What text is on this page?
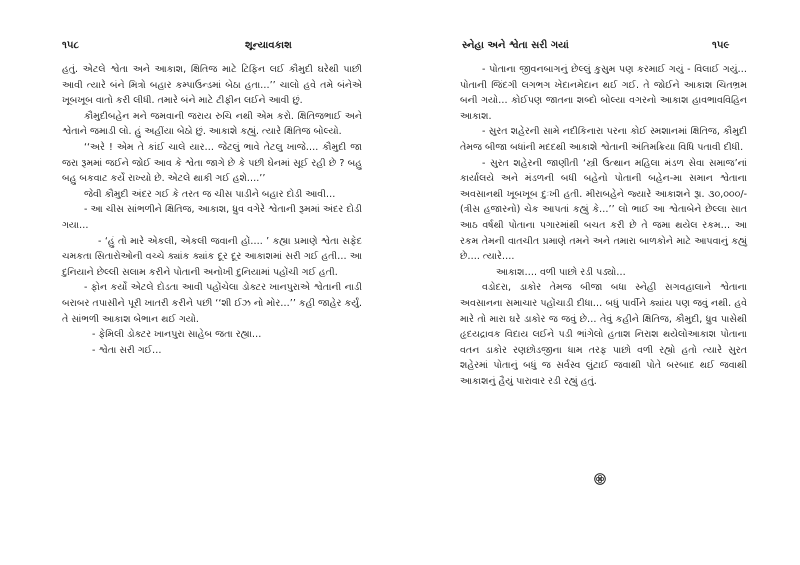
૧૫૮	શૂન્યાવકાશ

હતું. એટલે શ્વેતા અને આકાશ, ક્ષિતિજ માટે ટિફિન લઈ કૌમુદી ઘરેથી પાછી આવી ત્યારે બંને મિત્રો બહાર કમ્પાઉન્ડમાં બેઠા હતા…’’ ચાલો હવે તમે બંનેએ ખૂબખૂબ વાતો કરી લીધી. તમારે બંને માટે ટીફીન લઈને આવી છું.

કૌમુદીબહેન મને જમવાની જરાય રુચિ નથી એમ કરો. ક્ષિતિજભાઈ અને શ્વેતાને જમાડી લો. હું અહીંયા બેઠો છું. આકાશે કહ્યું. ત્યારે ક્ષિતિજ બોલ્યો.

‘‘અરે ! એમ તે કાંઈ ચાલે યાર… જેટલું ભાવે તેટલુ ખાજે…. કૌમુદી જા જરા રૂમમાં જઈને જોઈ આવ કે શ્વેતા જાગે છે કે પછી ઘેનમાં સૂઈ રહી છે ? બહુ બહુ બકવાટ કર્યે રાખ્યો છે. એટલે થાકી ગઈ હશે….’’

જેવી કૌમુદી અંદર ગઈ કે તરત જ ચીસ પાડીને બહાર દોડી આવી…

- આ ચીસ સાંભળીને ક્ષિતિજ, આકાશ, ધ્રુવ વગેરે શ્વેતાની રૂમમાં અંદર દોડી ગયા…

- ‘હું તો મારે એકલી, એકલી જવાની હોં…. ’ કહ્યા પ્રમાણે શ્વેતા સફેદ ચમકતા સિતારોઓની વચ્ચે ક્યાંક ક્યાંક દૂર દૂર આકાશમાં સરી ગઈ હતી… આ દુનિયાને છેલ્લી સલામ કરીને પોતાની અનોખી દુનિયામાં પહોંચી ગઈ હતી.

- ફોન કર્યો એટલે દોડતા આવી પહોંચેલા ડોક્ટર ખાનપુરાએ શ્વેતાની નાડી બરાબર તપાસીને પૂરી ખાતરી કરીને પછી ‘‘શી ઈઝ નો મોર…’’ કહી જાહેર કર્યું. તે સાંભળી આકાશ બેભાન થઈ ગયો.

- ફેમિલી ડોક્ટર ખાનપુરા સાહેબ જતા રહ્યા…

- શ્વેતા સરી ગઈ…

સ્નેહા અને શ્વેતા સરી ગયાં	૧૫૯

- પોતાના જીવનબાગનું છેલ્લું કુસુમ પણ કરમાઈ ગયું - વિલાઈ ગયું… પોતાની જિંદગી લગભગ ખેદાનમેદાન થઈ ગઈ. તે જોઈને આકાશ ચિતભ્રમ બની ગયો… કોઈપણ જાતના શબ્દો બોલ્યા વગરનો આકાશ હાવભાવવિહિન આકાશ.

- સુરત શહેરની સામે નદીકિનારા પરના કોઈ સ્મશાનમાં ક્ષિતિજ, કૌમુદી તેમજ બીજા બધાંની મદદથી આકાશે શ્વેતાની અંતિમક્રિયા વિધિ પતાવી દીધી.

- સુરત શહેરની જાણીતી ‘સ્ત્રી ઉત્થાન મહિલા મંડળ સેવા સમાજ’નાં કાર્યાલયે અને મંડળની બધી બહેનો પોતાની બહેન-મા સમાન શ્વેતાના અવસાનથી ખૂબખૂબ દુઃખી હતી. મીરાબહેને જ્યારે આકાશને રૂા. ૩૦,૦૦૦/- (ત્રીસ હજારનો) ચેક આપતાં કહ્યું કે…’’ લો ભાઈ આ શ્વેતાબેને છેલ્લા સાત આઠ વર્ષથી પોતાના પગારમાંથી બચત કરી છે તે જમા થયેલ રકમ… આ રકમ તેમની વાતચીત પ્રમાણે તમને અને તમારા બાળકોને માટે આપવાનું કહ્યું છે…. ત્યારે….

આકાશ…. વળી પાછો રડી પડ્યો…

વડોદરા, ડાકોર તેમજ બીજા બધા સ્નેહી સગવહાલાને શ્વેતાના અવસાનના સમાચાર પહોંચાડી દીધા… બધું પાર્વીને ક્યાંય પણ જવું નથી. હવે મારે તો મારા ઘરે ડાકોર જ જવું છે… તેવું કહીને ક્ષિતિજ, કૌમુદી, ધ્રુવ પાસેથી હૃદયદ્રાવક વિદાય લઈને પડી ભાંગેલો હતાશ નિરાશ થયેલોઆકાશ પોતાના વતન ડાકોર રણછોડજીના ધામ તરફ પાછો વળી રહ્યો હતો ત્યારે સુરત શહેરમાં પોતાનું બધું જ સર્વસ્વ લુંટાઈ જવાથી પોતે બરબાદ થઈ જવાથી આકાશનું હૈયું પારાવાર રડી રહ્યું હતું.
